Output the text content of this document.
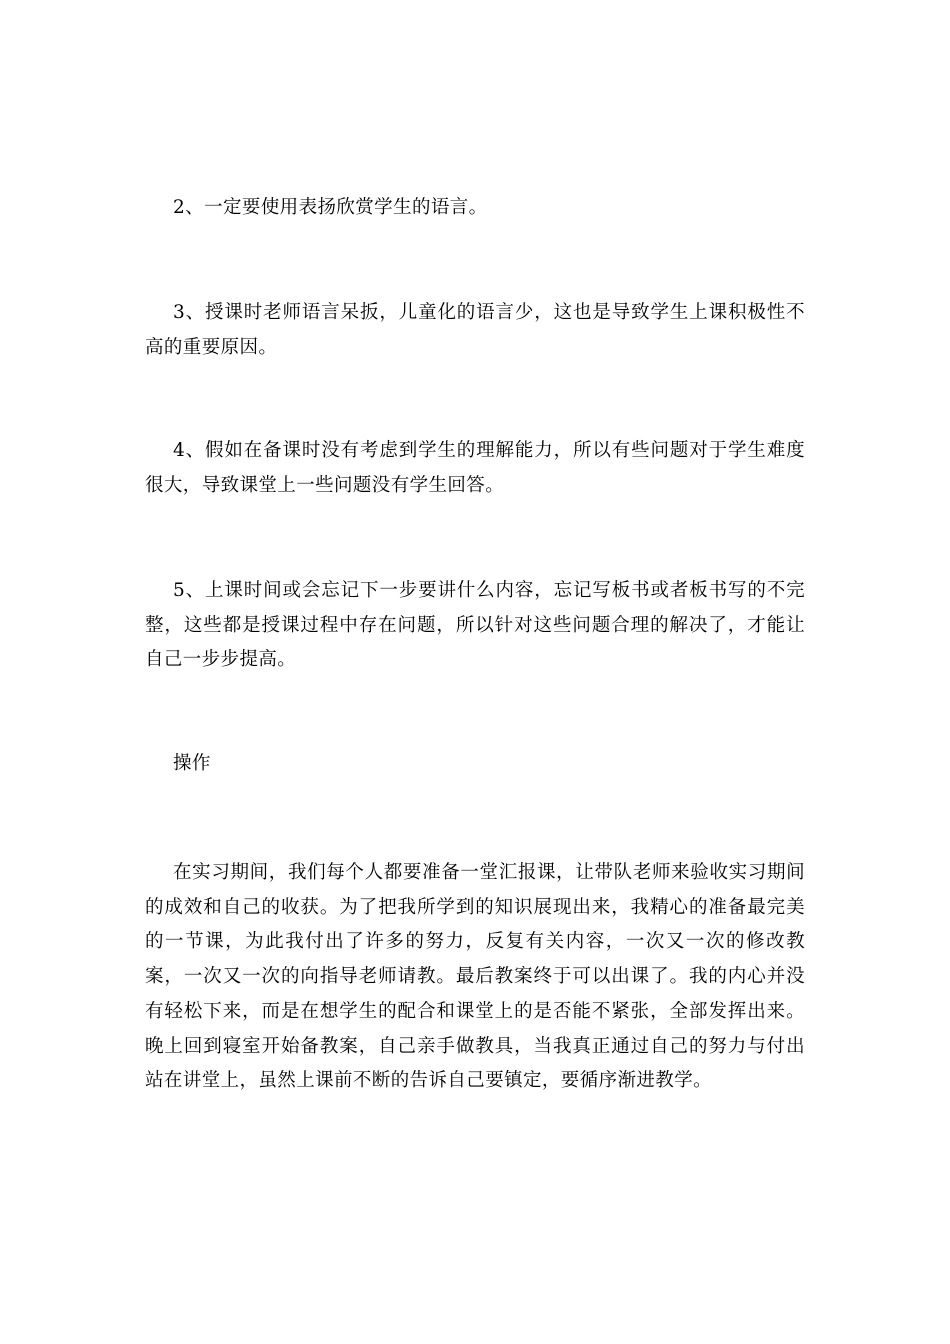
2、一定要使用表扬欣赏学生的语言。

3、授课时老师语言呆扳，儿童化的语言少，这也是导致学生上课积极性不高的重要原因。

4、假如在备课时没有考虑到学生的理解能力，所以有些问题对于学生难度很大，导致课堂上一些问题没有学生回答。

5、上课时间或会忘记下一步要讲什么内容，忘记写板书或者板书写的不完整，这些都是授课过程中存在问题，所以针对这些问题合理的解决了，才能让自己一步步提高。

操作

在实习期间，我们每个人都要准备一堂汇报课，让带队老师来验收实习期间的成效和自己的收获。为了把我所学到的知识展现出来，我精心的准备最完美的一节课，为此我付出了许多的努力，反复有关内容，一次又一次的修改教案，一次又一次的向指导老师请教。最后教案终于可以出课了。我的内心并没有轻松下来，而是在想学生的配合和课堂上的是否能不紧张，全部发挥出来。晚上回到寝室开始备教案，自己亲手做教具，当我真正通过自己的努力与付出站在讲堂上，虽然上课前不断的告诉自己要镇定，要循序渐进教学。
